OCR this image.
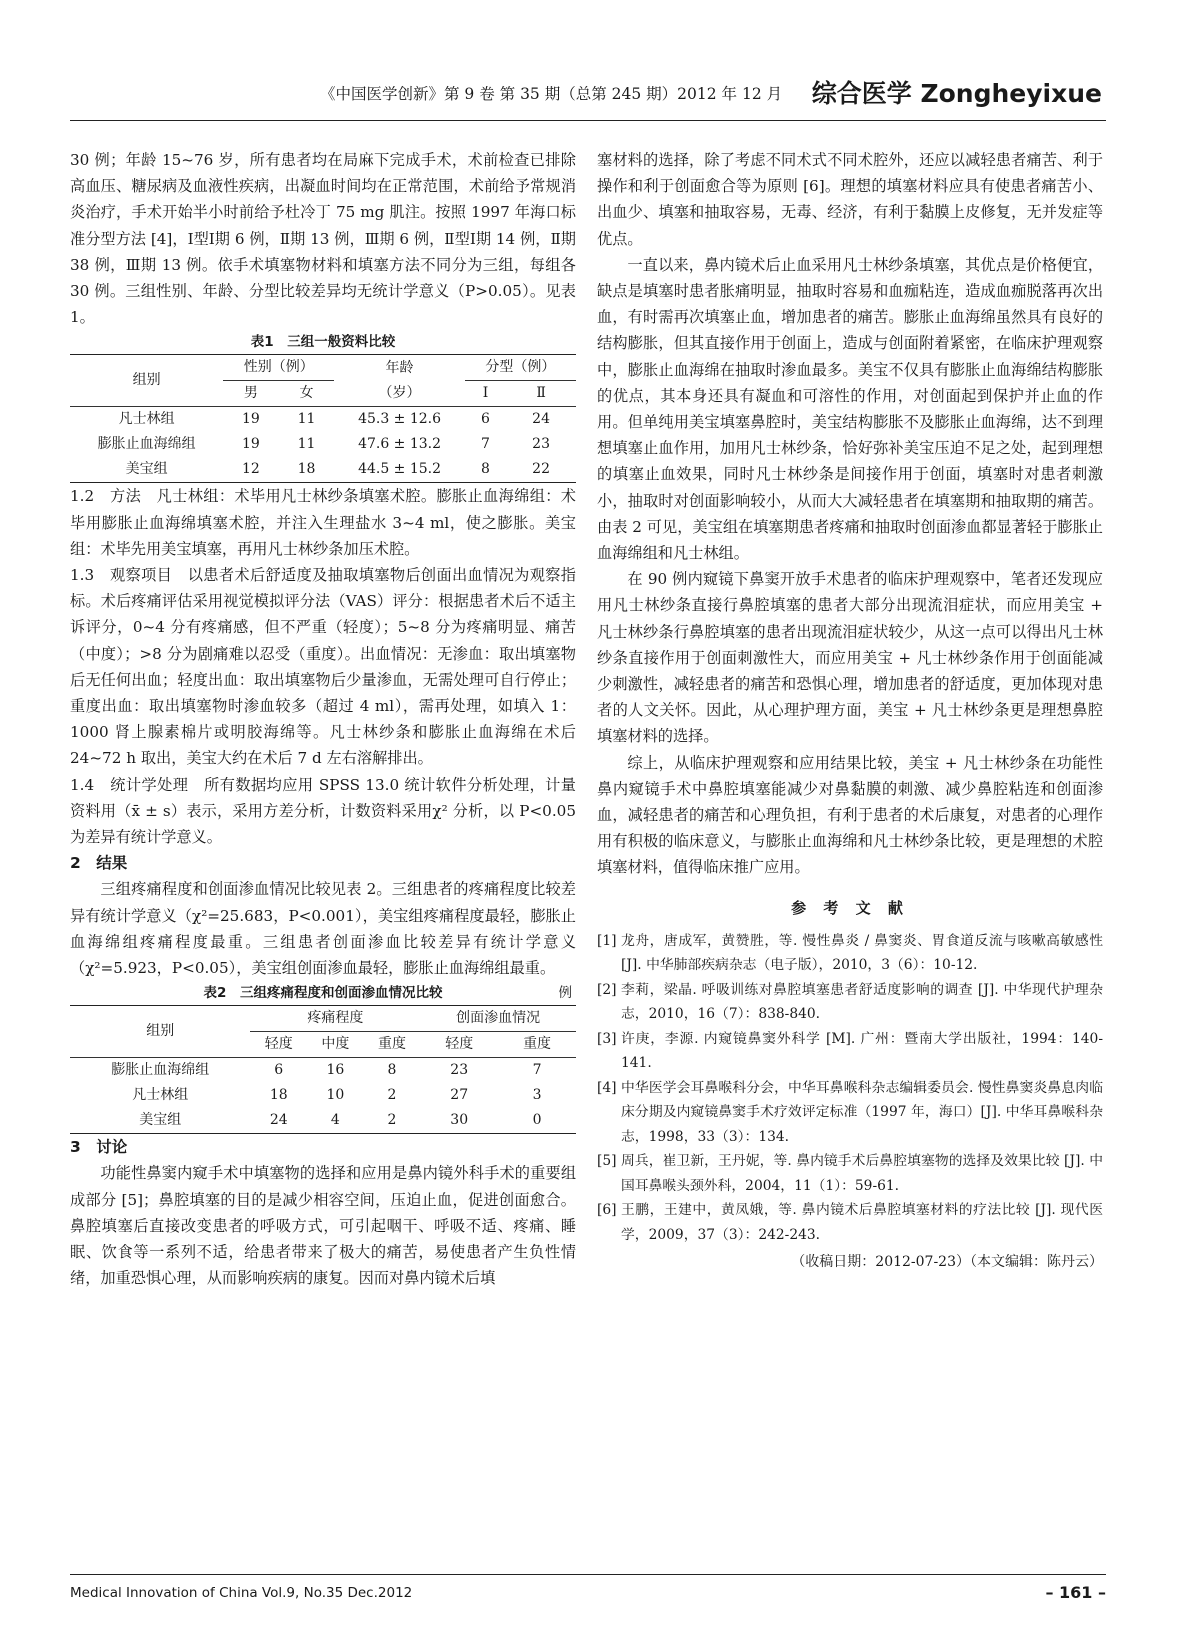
《中国医学创新》第 9 卷 第 35 期（总第 245 期）2012 年 12 月 综合医学 Zongheyixue

30 例；年龄 15~76 岁，所有患者均在局麻下完成手术，术前检查已排除高血压、糖尿病及血液性疾病，出凝血时间均在正常范围，术前给予常规消炎治疗，手术开始半小时前给予杜冷丁 75 mg 肌注。按照 1997 年海口标准分型方法 [4]，Ⅰ型Ⅰ期 6 例，Ⅱ期 13 例，Ⅲ期 6 例，Ⅱ型Ⅰ期 14 例，Ⅱ期 38 例，Ⅲ期 13 例。依手术填塞物材料和填塞方法不同分为三组，每组各 30 例。三组性别、年龄、分型比较差异均无统计学意义（P>0.05）。见表 1。

表1　三组一般资料比较

组别	性别（例）		年龄	分型（例）	
	男	女	（岁）	Ⅰ	Ⅱ
凡士林组	19	11	45.3 ± 12.6	6	24
膨胀止血海绵组	19	11	47.6 ± 13.2	7	23
美宝组	12	18	44.5 ± 15.2	8	22

1.2　方法　凡士林组：术毕用凡士林纱条填塞术腔。膨胀止血海绵组：术毕用膨胀止血海绵填塞术腔，并注入生理盐水 3~4 ml，使之膨胀。美宝组：术毕先用美宝填塞，再用凡士林纱条加压术腔。

1.3　观察项目　以患者术后舒适度及抽取填塞物后创面出血情况为观察指标。术后疼痛评估采用视觉模拟评分法（VAS）评分：根据患者术后不适主诉评分，0~4 分有疼痛感，但不严重（轻度）；5~8 分为疼痛明显、痛苦（中度）；>8 分为剧痛难以忍受（重度）。出血情况：无渗血：取出填塞物后无任何出血；轻度出血：取出填塞物后少量渗血，无需处理可自行停止；重度出血：取出填塞物时渗血较多（超过 4 ml），需再处理，如填入 1：1000 肾上腺素棉片或明胶海绵等。凡士林纱条和膨胀止血海绵在术后 24~72 h 取出，美宝大约在术后 7 d 左右溶解排出。

1.4　统计学处理　所有数据均应用 SPSS 13.0 统计软件分析处理，计量资料用（x̄ ± s）表示，采用方差分析，计数资料采用χ² 分析，以 P<0.05 为差异有统计学意义。

2　结果

三组疼痛程度和创面渗血情况比较见表 2。三组患者的疼痛程度比较差异有统计学意义（χ²=25.683，P<0.001），美宝组疼痛程度最轻，膨胀止血海绵组疼痛程度最重。三组患者创面渗血比较差异有统计学意义（χ²=5.923，P<0.05），美宝组创面渗血最轻，膨胀止血海绵组最重。

表2　三组疼痛程度和创面渗血情况比较	例

组别	疼痛程度			创面渗血情况	
	轻度	中度	重度	轻度	重度
膨胀止血海绵组	6	16	8	23	7
凡士林组	18	10	2	27	3
美宝组	24	4	2	30	0

3　讨论

功能性鼻窦内窥手术中填塞物的选择和应用是鼻内镜外科手术的重要组成部分 [5]；鼻腔填塞的目的是减少相容空间，压迫止血，促进创面愈合。鼻腔填塞后直接改变患者的呼吸方式，可引起咽干、呼吸不适、疼痛、睡眠、饮食等一系列不适，给患者带来了极大的痛苦，易使患者产生负性情绪，加重恐惧心理，从而影响疾病的康复。因而对鼻内镜术后填

塞材料的选择，除了考虑不同术式不同术腔外，还应以减轻患者痛苦、利于操作和利于创面愈合等为原则 [6]。理想的填塞材料应具有使患者痛苦小、出血少、填塞和抽取容易，无毒、经济，有利于黏膜上皮修复，无并发症等优点。

一直以来，鼻内镜术后止血采用凡士林纱条填塞，其优点是价格便宜，缺点是填塞时患者胀痛明显，抽取时容易和血痂粘连，造成血痂脱落再次出血，有时需再次填塞止血，增加患者的痛苦。膨胀止血海绵虽然具有良好的结构膨胀，但其直接作用于创面上，造成与创面附着紧密，在临床护理观察中，膨胀止血海绵在抽取时渗血最多。美宝不仅具有膨胀止血海绵结构膨胀的优点，其本身还具有凝血和可溶性的作用，对创面起到保护并止血的作用。但单纯用美宝填塞鼻腔时，美宝结构膨胀不及膨胀止血海绵，达不到理想填塞止血作用，加用凡士林纱条，恰好弥补美宝压迫不足之处，起到理想的填塞止血效果，同时凡士林纱条是间接作用于创面，填塞时对患者刺激小，抽取时对创面影响较小，从而大大减轻患者在填塞期和抽取期的痛苦。由表 2 可见，美宝组在填塞期患者疼痛和抽取时创面渗血都显著轻于膨胀止血海绵组和凡士林组。

在 90 例内窥镜下鼻窦开放手术患者的临床护理观察中，笔者还发现应用凡士林纱条直接行鼻腔填塞的患者大部分出现流泪症状，而应用美宝 + 凡士林纱条行鼻腔填塞的患者出现流泪症状较少，从这一点可以得出凡士林纱条直接作用于创面刺激性大，而应用美宝 + 凡士林纱条作用于创面能减少刺激性，减轻患者的痛苦和恐惧心理，增加患者的舒适度，更加体现对患者的人文关怀。因此，从心理护理方面，美宝 + 凡士林纱条更是理想鼻腔填塞材料的选择。

综上，从临床护理观察和应用结果比较，美宝 + 凡士林纱条在功能性鼻内窥镜手术中鼻腔填塞能减少对鼻黏膜的刺激、减少鼻腔粘连和创面渗血，减轻患者的痛苦和心理负担，有利于患者的术后康复，对患者的心理作用有积极的临床意义，与膨胀止血海绵和凡士林纱条比较，更是理想的术腔填塞材料，值得临床推广应用。

参 考 文 献

[1] 龙舟，唐成军，黄赞胜，等. 慢性鼻炎 / 鼻窦炎、胃食道反流与咳嗽高敏感性 [J]. 中华肺部疾病杂志（电子版），2010，3（6）：10-12.

[2] 李莉，梁晶. 呼吸训练对鼻腔填塞患者舒适度影响的调查 [J]. 中华现代护理杂志，2010，16（7）：838-840.

[3] 许庚，李源. 内窥镜鼻窦外科学 [M]. 广州：暨南大学出版社，1994：140-141.

[4] 中华医学会耳鼻喉科分会，中华耳鼻喉科杂志编辑委员会. 慢性鼻窦炎鼻息肉临床分期及内窥镜鼻窦手术疗效评定标准（1997 年，海口）[J]. 中华耳鼻喉科杂志，1998，33（3）：134.

[5] 周兵，崔卫新，王丹妮，等. 鼻内镜手术后鼻腔填塞物的选择及效果比较 [J]. 中国耳鼻喉头颈外科，2004，11（1）：59-61.

[6] 王鹏，王建中，黄凤娥，等. 鼻内镜术后鼻腔填塞材料的疗法比较 [J]. 现代医学，2009，37（3）：242-243.

（收稿日期：2012-07-23）（本文编辑：陈丹云）

Medical Innovation of China Vol.9, No.35 Dec.2012	– 161 –
